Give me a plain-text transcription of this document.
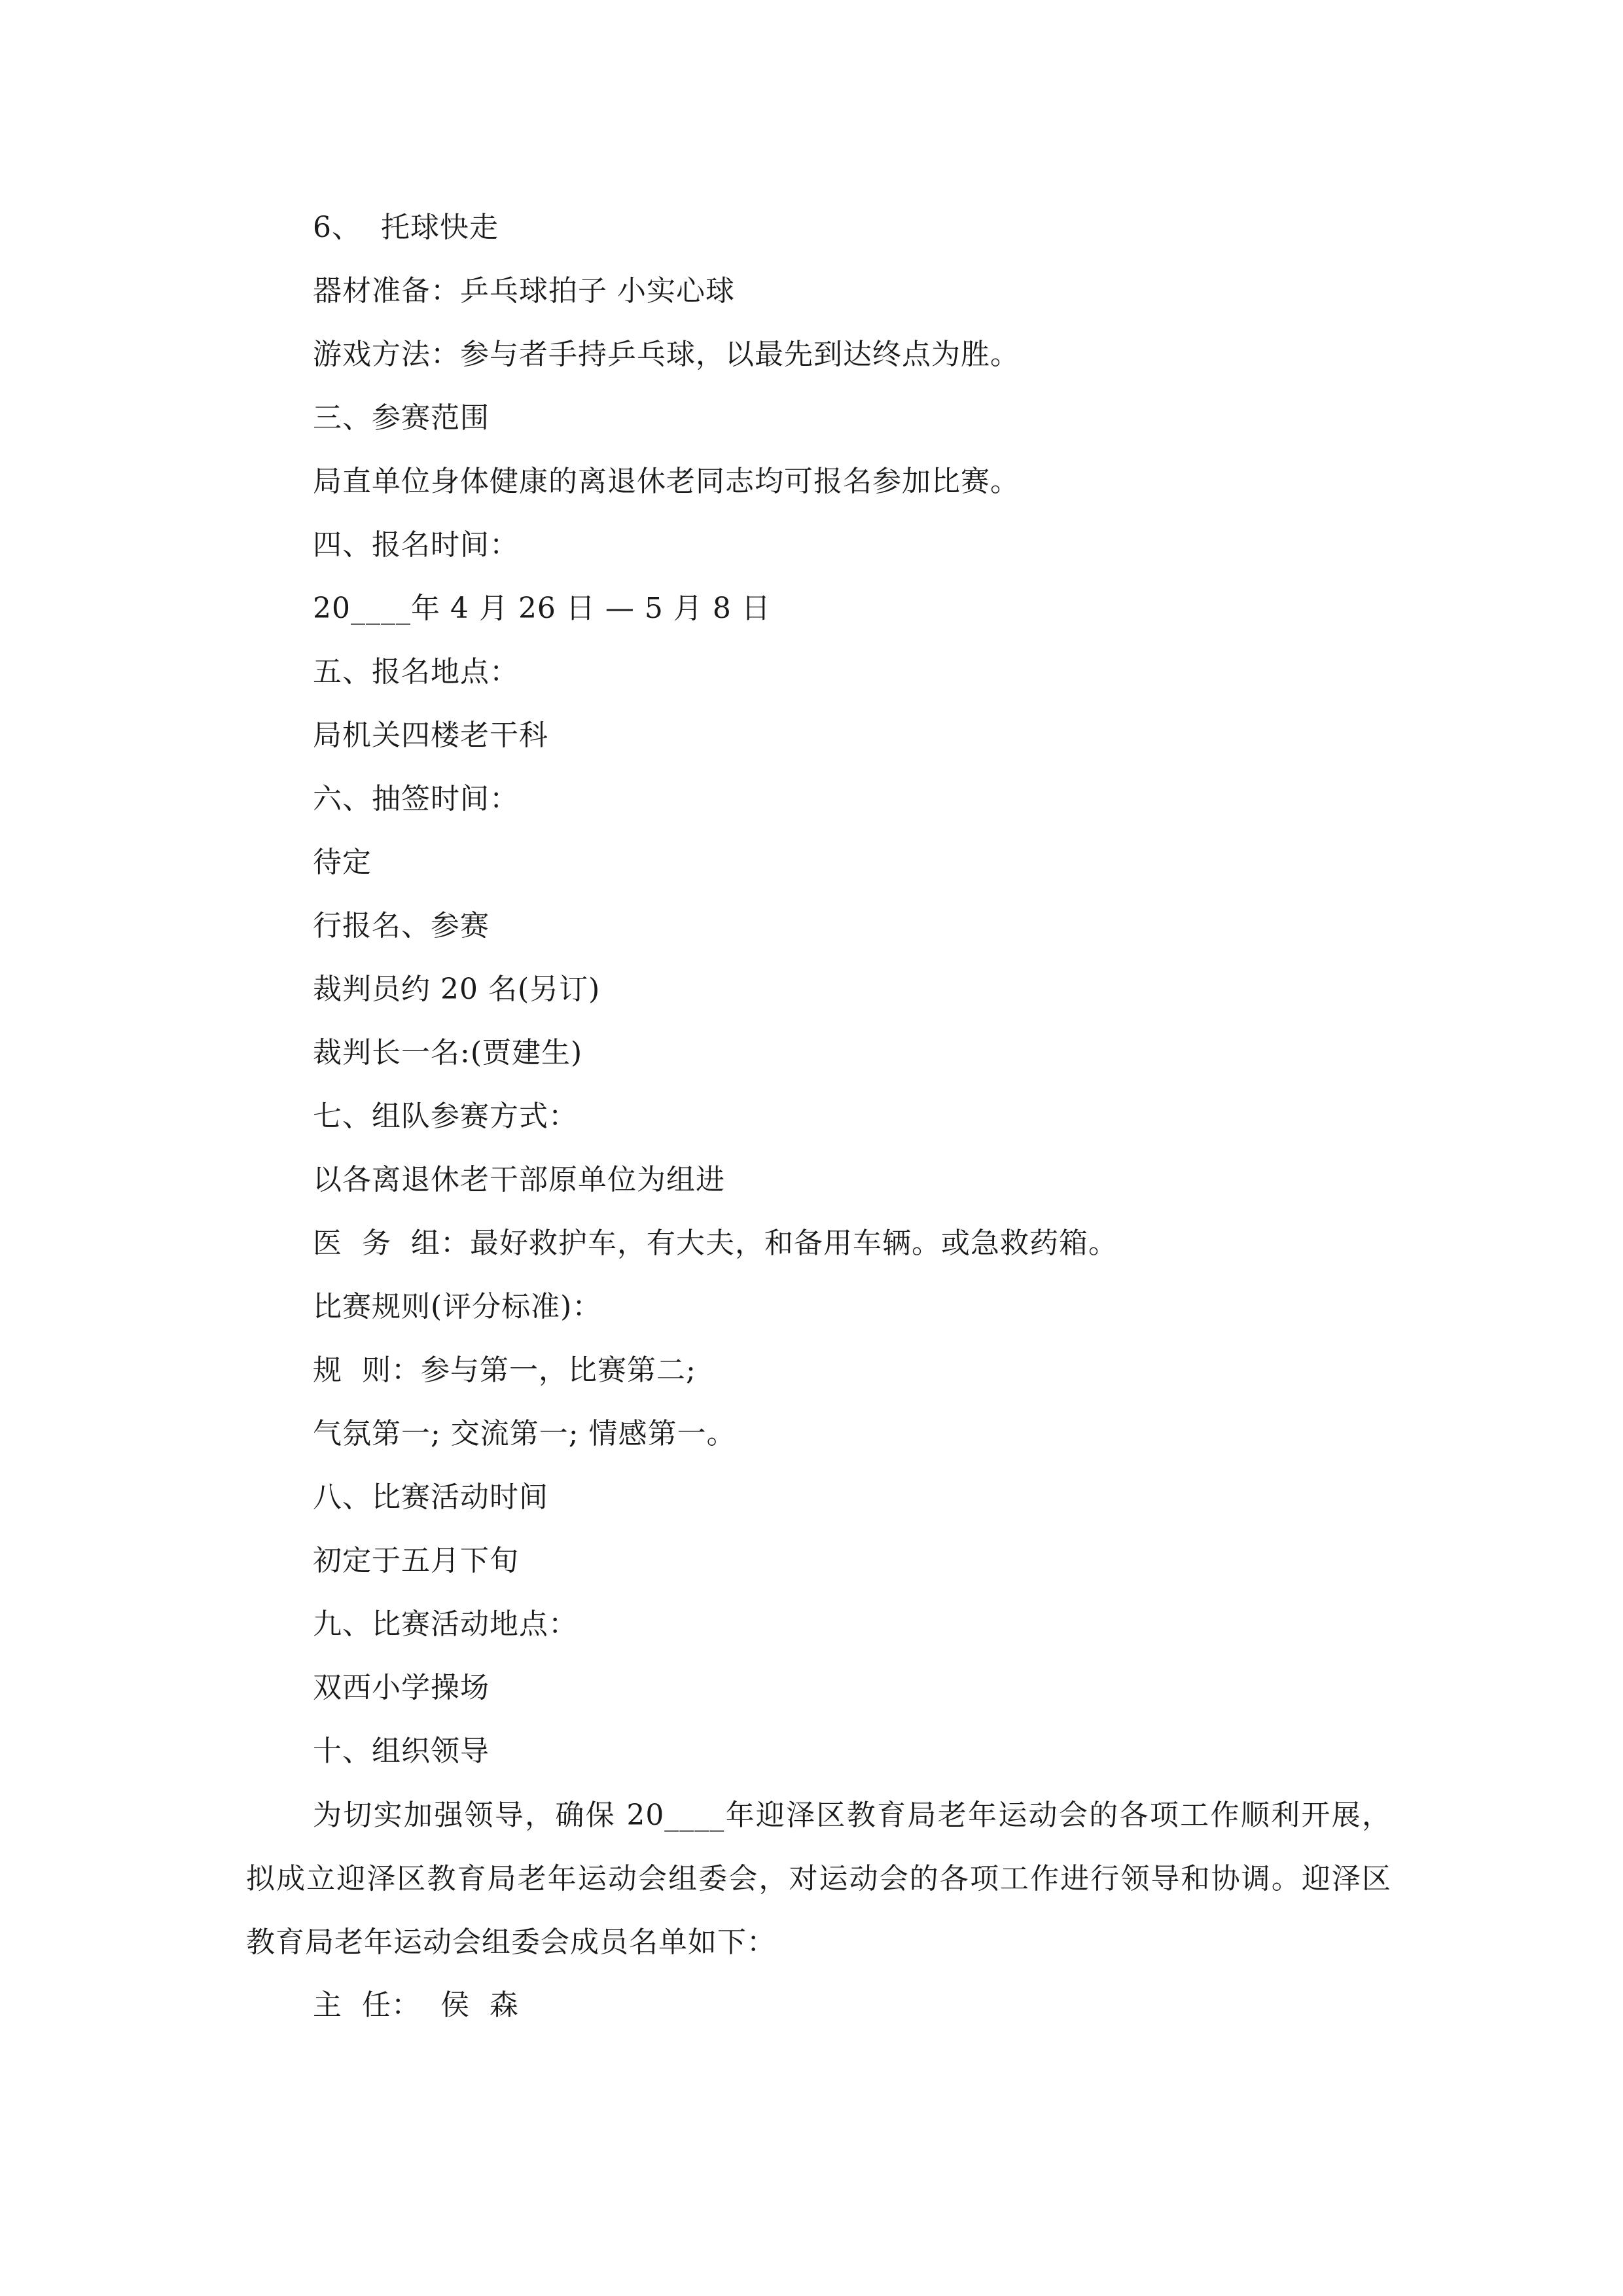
6、  托球快走
器材准备：乒乓球拍子 小实心球
游戏方法：参与者手持乒乓球，以最先到达终点为胜。
三、参赛范围
局直单位身体健康的离退休老同志均可报名参加比赛。
四、报名时间：
20____年 4 月 26 日 — 5 月 8 日
五、报名地点：
局机关四楼老干科
六、抽签时间：
待定
行报名、参赛
裁判员约 20 名(另订)
裁判长一名:(贾建生)
七、组队参赛方式：
以各离退休老干部原单位为组进
医  务  组：最好救护车，有大夫，和备用车辆。或急救药箱。
比赛规则(评分标准)：
规  则：参与第一，比赛第二;
气氛第一; 交流第一; 情感第一。
八、比赛活动时间
初定于五月下旬
九、比赛活动地点：
双西小学操场
十、组织领导
为切实加强领导，确保 20____年迎泽区教育局老年运动会的各项工作顺利开展，拟成立迎泽区教育局老年运动会组委会，对运动会的各项工作进行领导和协调。迎泽区教育局老年运动会组委会成员名单如下：
主  任：  侯  森
